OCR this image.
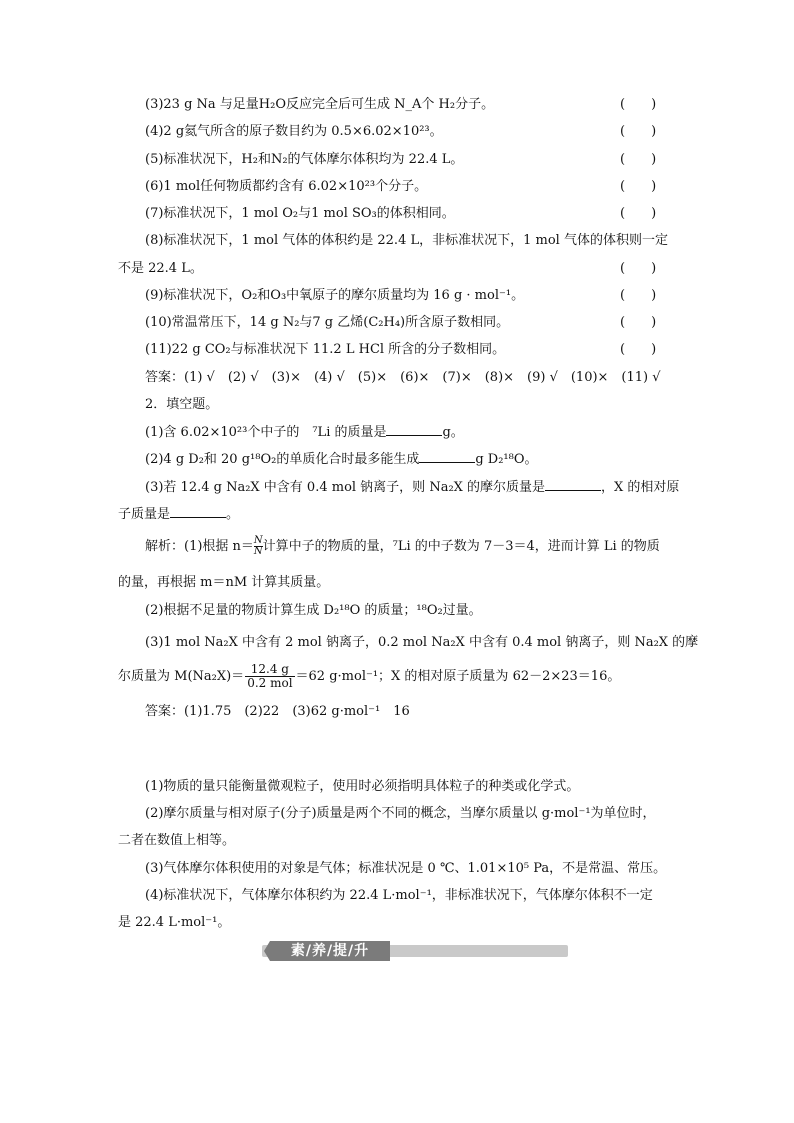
(3)23 g Na 与足量H₂O反应完全后可生成 N_A个 H₂分子。	(　　)
(4)2 g氦气所含的原子数目约为 0.5×6.02×10²³。	(　　)
(5)标准状况下，H₂和N₂的气体摩尔体积均为 22.4 L。	(　　)
(6)1 mol任何物质都约含有 6.02×10²³个分子。	(　　)
(7)标准状况下，1 mol O₂与1 mol SO₃的体积相同。	(　　)
(8)标准状况下，1 mol 气体的体积约是 22.4 L，非标准状况下，1 mol 气体的体积则一定
不是 22.4 L。	(　　)
(9)标准状况下，O₂和O₃中氧原子的摩尔质量均为 16 g · mol⁻¹。	(　　)
(10)常温常压下，14 g N₂与7 g 乙烯(C₂H₄)所含原子数相同。	(　　)
(11)22 g CO₂与标准状况下 11.2 L HCl 所含的分子数相同。	(　　)
答案：(1) √　(2) √　(3)×　(4) √　(5)×　(6)×　(7)×　(8)×　(9) √　(10)×　(11) √
2．填空题。
(1)含 6.02×10²³个中子的　⁷Li 的质量是	g。
(2)4 g D₂和 20 g¹⁸O₂的单质化合时最多能生成	g D₂¹⁸O。
(3)若 12.4 g Na₂X 中含有 0.4 mol 钠离子，则 Na₂X 的摩尔质量是	，X 的相对原
子质量是	。
解析：(1)根据 $n= \frac{N}{N}$计算中子的物质的量，⁷Li 的中子数为 7－3＝4，进而计算 Li 的物质
的量，再根据 m＝nM 计算其质量。
(2)根据不足量的物质计算生成 D₂¹⁸O 的质量；¹⁸O₂过量。
(3)1 mol Na₂X 中含有 2 mol 钠离子，0.2 mol Na₂X 中含有 0.4 mol 钠离子，则 Na₂X 的摩
尔质量为 $M(Na_2X)= \frac{12.4 g}{\text{0.2 mol}} =62$ g·mol⁻¹；X 的相对原子质量为 62－2×23＝16。
答案：(1)1.75　(2)22　(3)62 g·mol⁻¹　16
(1)物质的量只能衡量微观粒子，使用时必须指明具体粒子的种类或化学式。
(2)摩尔质量与相对原子(分子)质量是两个不同的概念，当摩尔质量以 g·mol⁻¹为单位时，
二者在数值上相等。
(3)气体摩尔体积使用的对象是气体；标准状况是 0 ℃、1.01×10⁵ Pa，不是常温、常压。
(4)标准状况下，气体摩尔体积约为 22.4 L·mol⁻¹，非标准状况下，气体摩尔体积不一定
是 22.4 L·mol⁻¹。
素/养/提/升
